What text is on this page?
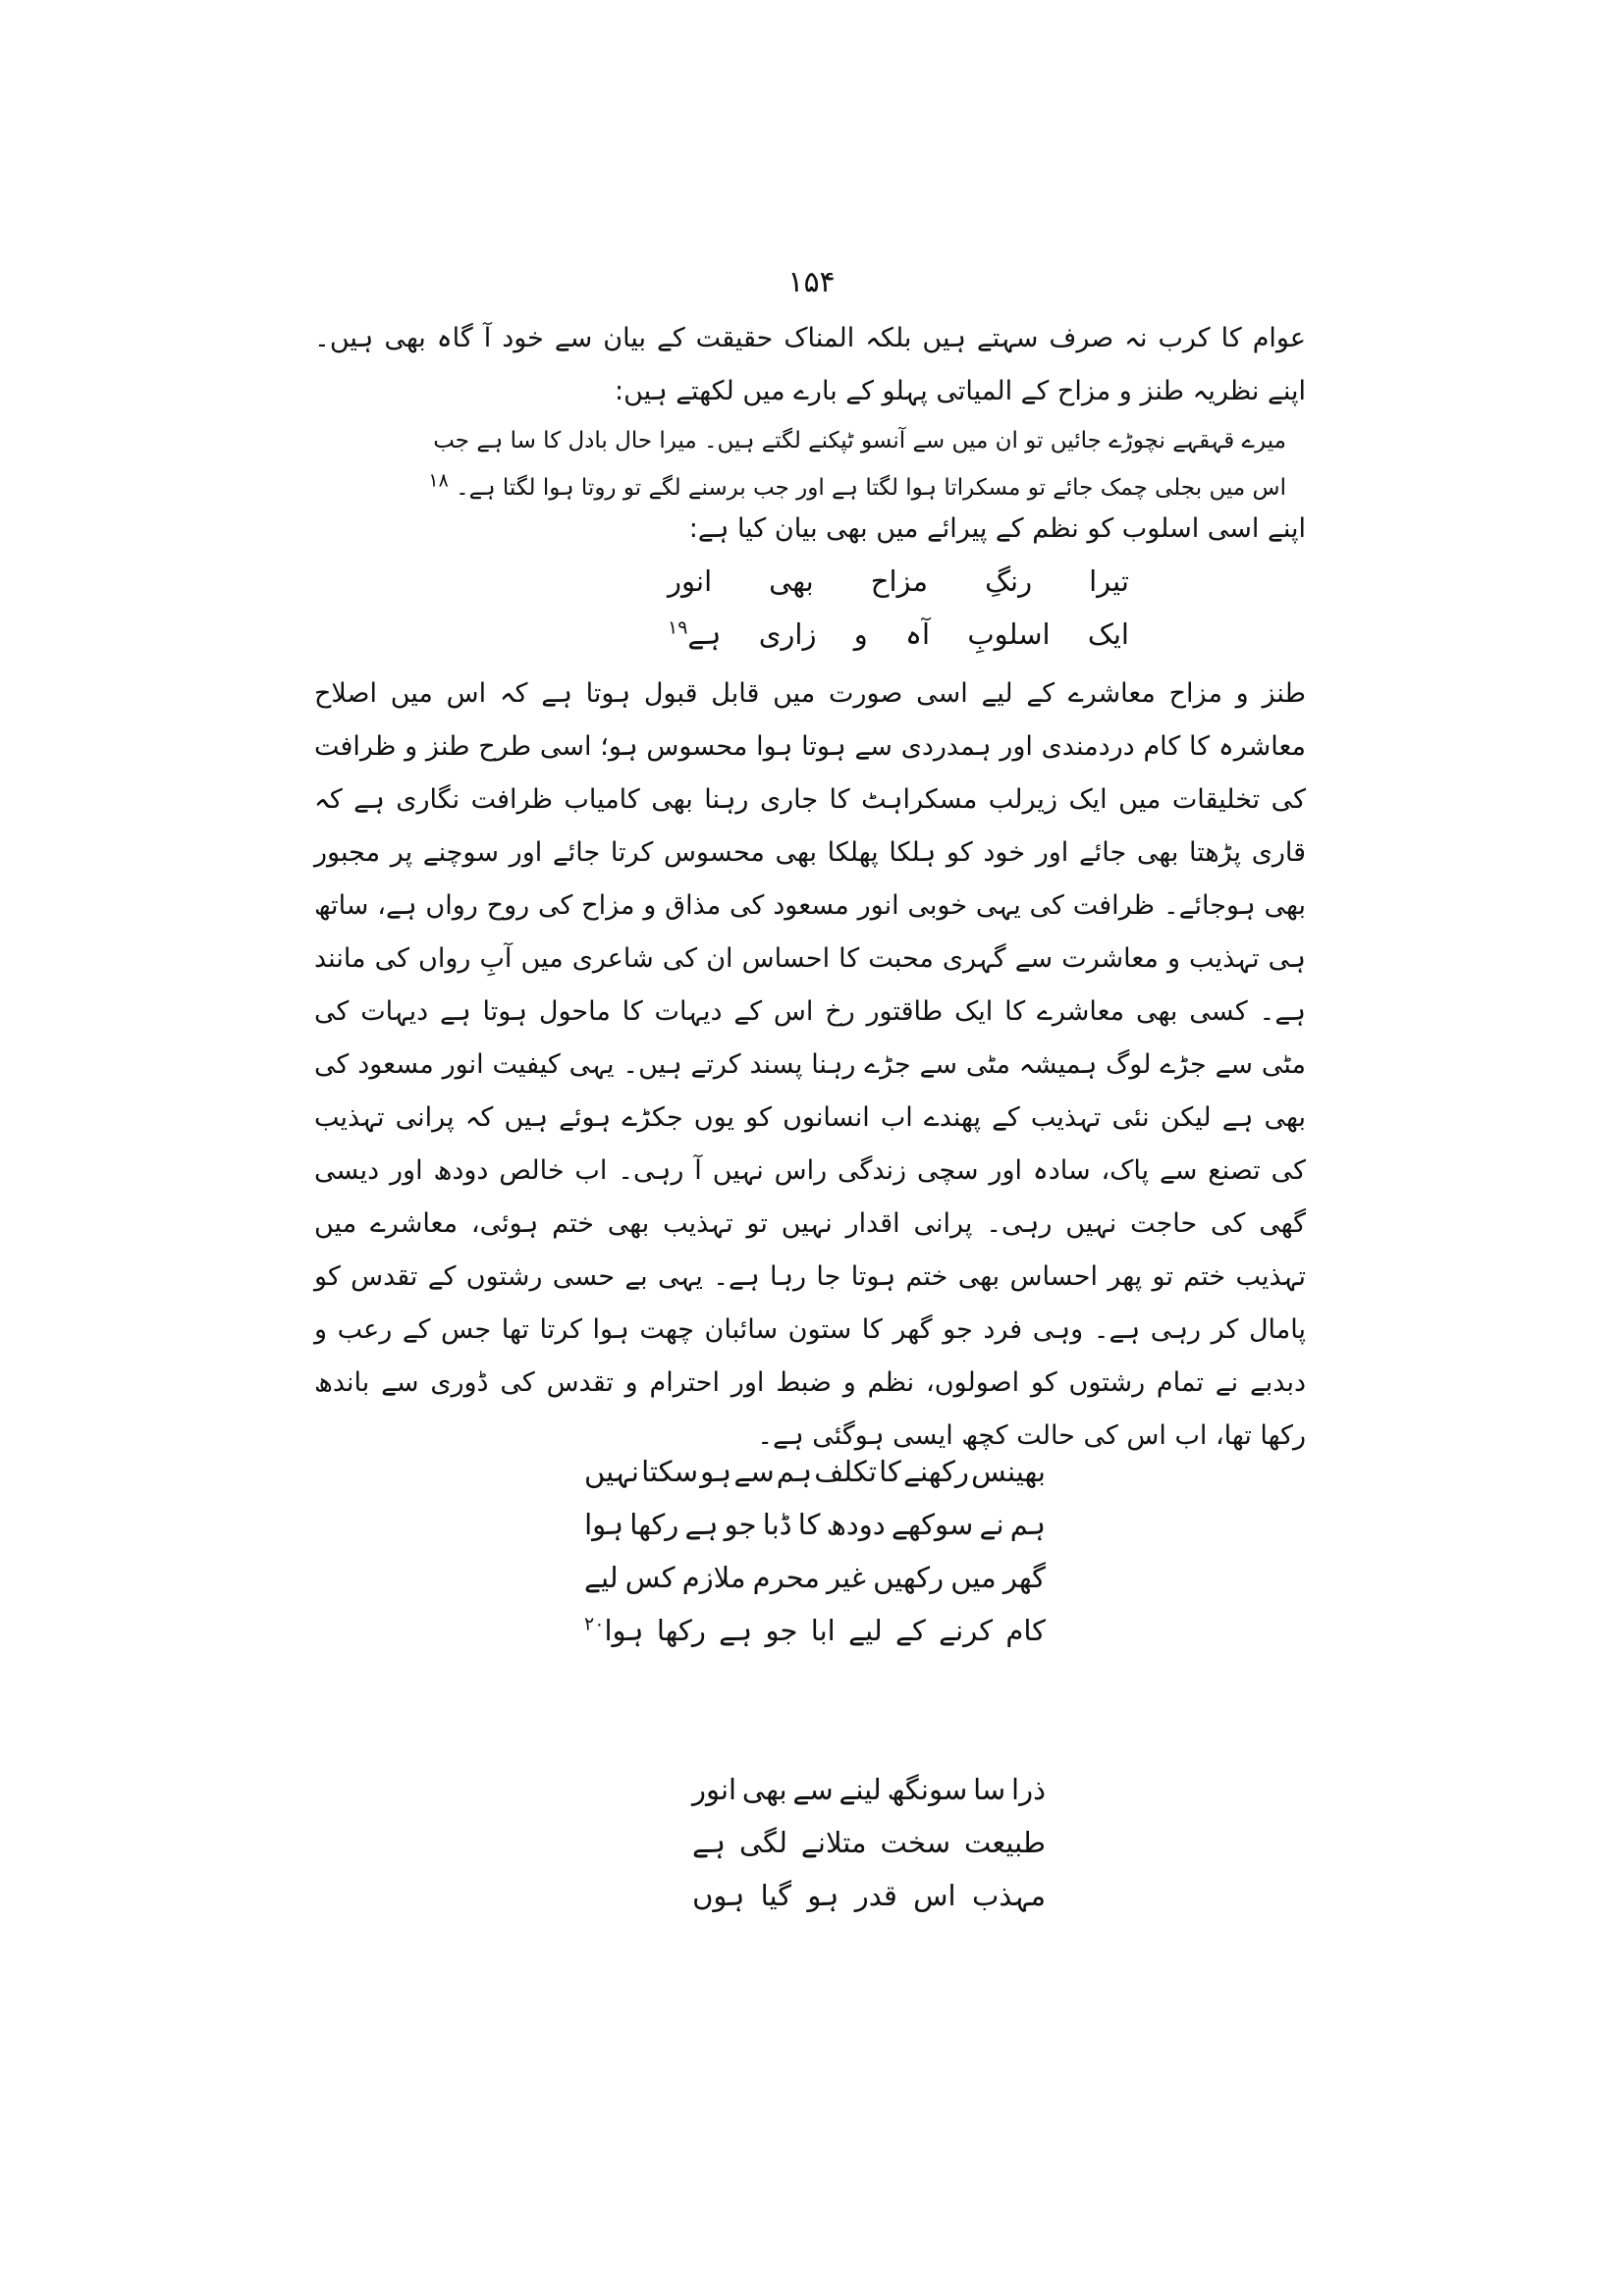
۱۵۴

عوام کا کرب نہ صرف سہتے ہیں بلکہ المناک حقیقت کے بیان سے خود آ گاہ بھی ہیں۔ اپنے نظریہ طنز و مزاح کے المیاتی پہلو کے بارے میں لکھتے ہیں:

میرے قہقہے نچوڑے جائیں تو ان میں سے آنسو ٹپکنے لگتے ہیں۔ میرا حال بادل کا سا ہے جب اس میں بجلی چمک جائے تو مسکراتا ہوا لگتا ہے اور جب برسنے لگے تو روتا ہوا لگتا ہے۔ $^{۱۸}$
اپنے اسی اسلوب کو نظم کے پیرائے میں بھی بیان کیا ہے:
تیرا
رنگِ
مزاح
بھی
انور
ایک
اسلوبِ
آہ
و
زاری
ہے$^{۱۹}$

طنز و مزاح معاشرے کے لیے اسی صورت میں قابل قبول ہوتا ہے کہ اس میں اصلاح معاشرہ کا کام دردمندی اور ہمدردی سے ہوتا ہوا محسوس ہو؛ اسی طرح طنز و ظرافت کی تخلیقات میں ایک زیرلب مسکراہٹ کا جاری رہنا بھی کامیاب ظرافت نگاری ہے کہ قاری پڑھتا بھی جائے اور خود کو ہلکا پھلکا بھی محسوس کرتا جائے اور سوچنے پر مجبور بھی ہوجائے۔ ظرافت کی یہی خوبی انور مسعود کی مذاق و مزاح کی روح رواں ہے، ساتھ ہی تہذیب و معاشرت سے گہری محبت کا احساس ان کی شاعری میں آبِ رواں کی مانند ہے۔ کسی بھی معاشرے کا ایک طاقتور رخ اس کے دیہات کا ماحول ہوتا ہے دیہات کی مٹی سے جڑے لوگ ہمیشہ مٹی سے جڑے رہنا پسند کرتے ہیں۔ یہی کیفیت انور مسعود کی بھی ہے لیکن نئی تہذیب کے پھندے اب انسانوں کو یوں جکڑے ہوئے ہیں کہ پرانی تہذیب کی تصنع سے پاک، سادہ اور سچی زندگی راس نہیں آ رہی۔ اب خالص دودھ اور دیسی گھی کی حاجت نہیں رہی۔ پرانی اقدار نہیں تو تہذیب بھی ختم ہوئی، معاشرے میں تہذیب ختم تو پھر احساس بھی ختم ہوتا جا رہا ہے۔ یہی بے حسی رشتوں کے تقدس کو پامال کر رہی ہے۔ وہی فرد جو گھر کا ستون سائبان چھت ہوا کرتا تھا جس کے رعب و دبدبے نے تمام رشتوں کو اصولوں، نظم و ضبط اور احترام و تقدس کی ڈوری سے باندھ رکھا تھا، اب اس کی حالت کچھ ایسی ہوگئی ہے۔

بھینس
رکھنے
کا
تکلف
ہم
سے
ہو
سکتا
نہیں
ہم
نے
سوکھے
دودھ
کا
ڈبا
جو
ہے
رکھا
ہوا
گھر
میں
رکھیں
غیر
محرم
ملازم
کس
لیے
کام
کرنے
کے
لیے
ابا
جو
ہے
رکھا
ہوا$^{۲۰}$
ذرا
سا
سونگھ
لینے
سے
بھی
انور
طبیعت
سخت
متلانے
لگی
ہے
مہذب
اس
قدر
ہو
گیا
ہوں
